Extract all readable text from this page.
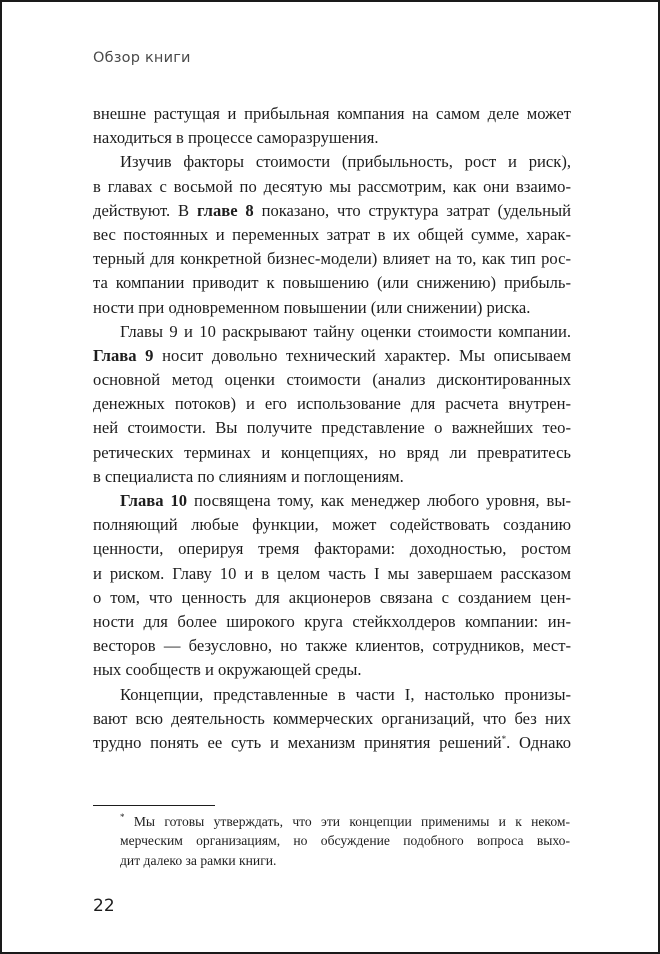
Обзор книги
внешне растущая и прибыльная компания на самом деле может
находиться в процессе саморазрушения.
Изучив факторы стоимости (прибыльность, рост и риск),
в главах с восьмой по десятую мы рассмотрим, как они взаимо-
действуют. В главе 8 показано, что структура затрат (удельный
вес постоянных и переменных затрат в их общей сумме, харак-
терный для конкретной бизнес-модели) влияет на то, как тип рос-
та компании приводит к повышению (или снижению) прибыль-
ности при одновременном повышении (или снижении) риска.
Главы 9 и 10 раскрывают тайну оценки стоимости компании.
Глава 9 носит довольно технический характер. Мы описываем
основной метод оценки стоимости (анализ дисконтированных
денежных потоков) и его использование для расчета внутрен-
ней стоимости. Вы получите представление о важнейших тео-
ретических терминах и концепциях, но вряд ли превратитесь
в специалиста по слияниям и поглощениям.
Глава 10 посвящена тому, как менеджер любого уровня, вы-
полняющий любые функции, может содействовать созданию
ценности, оперируя тремя факторами: доходностью, ростом
и риском. Главу 10 и в целом часть I мы завершаем рассказом
о том, что ценность для акционеров связана с созданием цен-
ности для более широкого круга стейкхолдеров компании: ин-
весторов — безусловно, но также клиентов, сотрудников, мест-
ных сообществ и окружающей среды.
Концепции, представленные в части I, настолько пронизы-
вают всю деятельность коммерческих организаций, что без них
трудно понять ее суть и механизм принятия решений*. Однако
* Мы готовы утверждать, что эти концепции применимы и к неком-
мерческим организациям, но обсуждение подобного вопроса выхо-
дит далеко за рамки книги.
22
